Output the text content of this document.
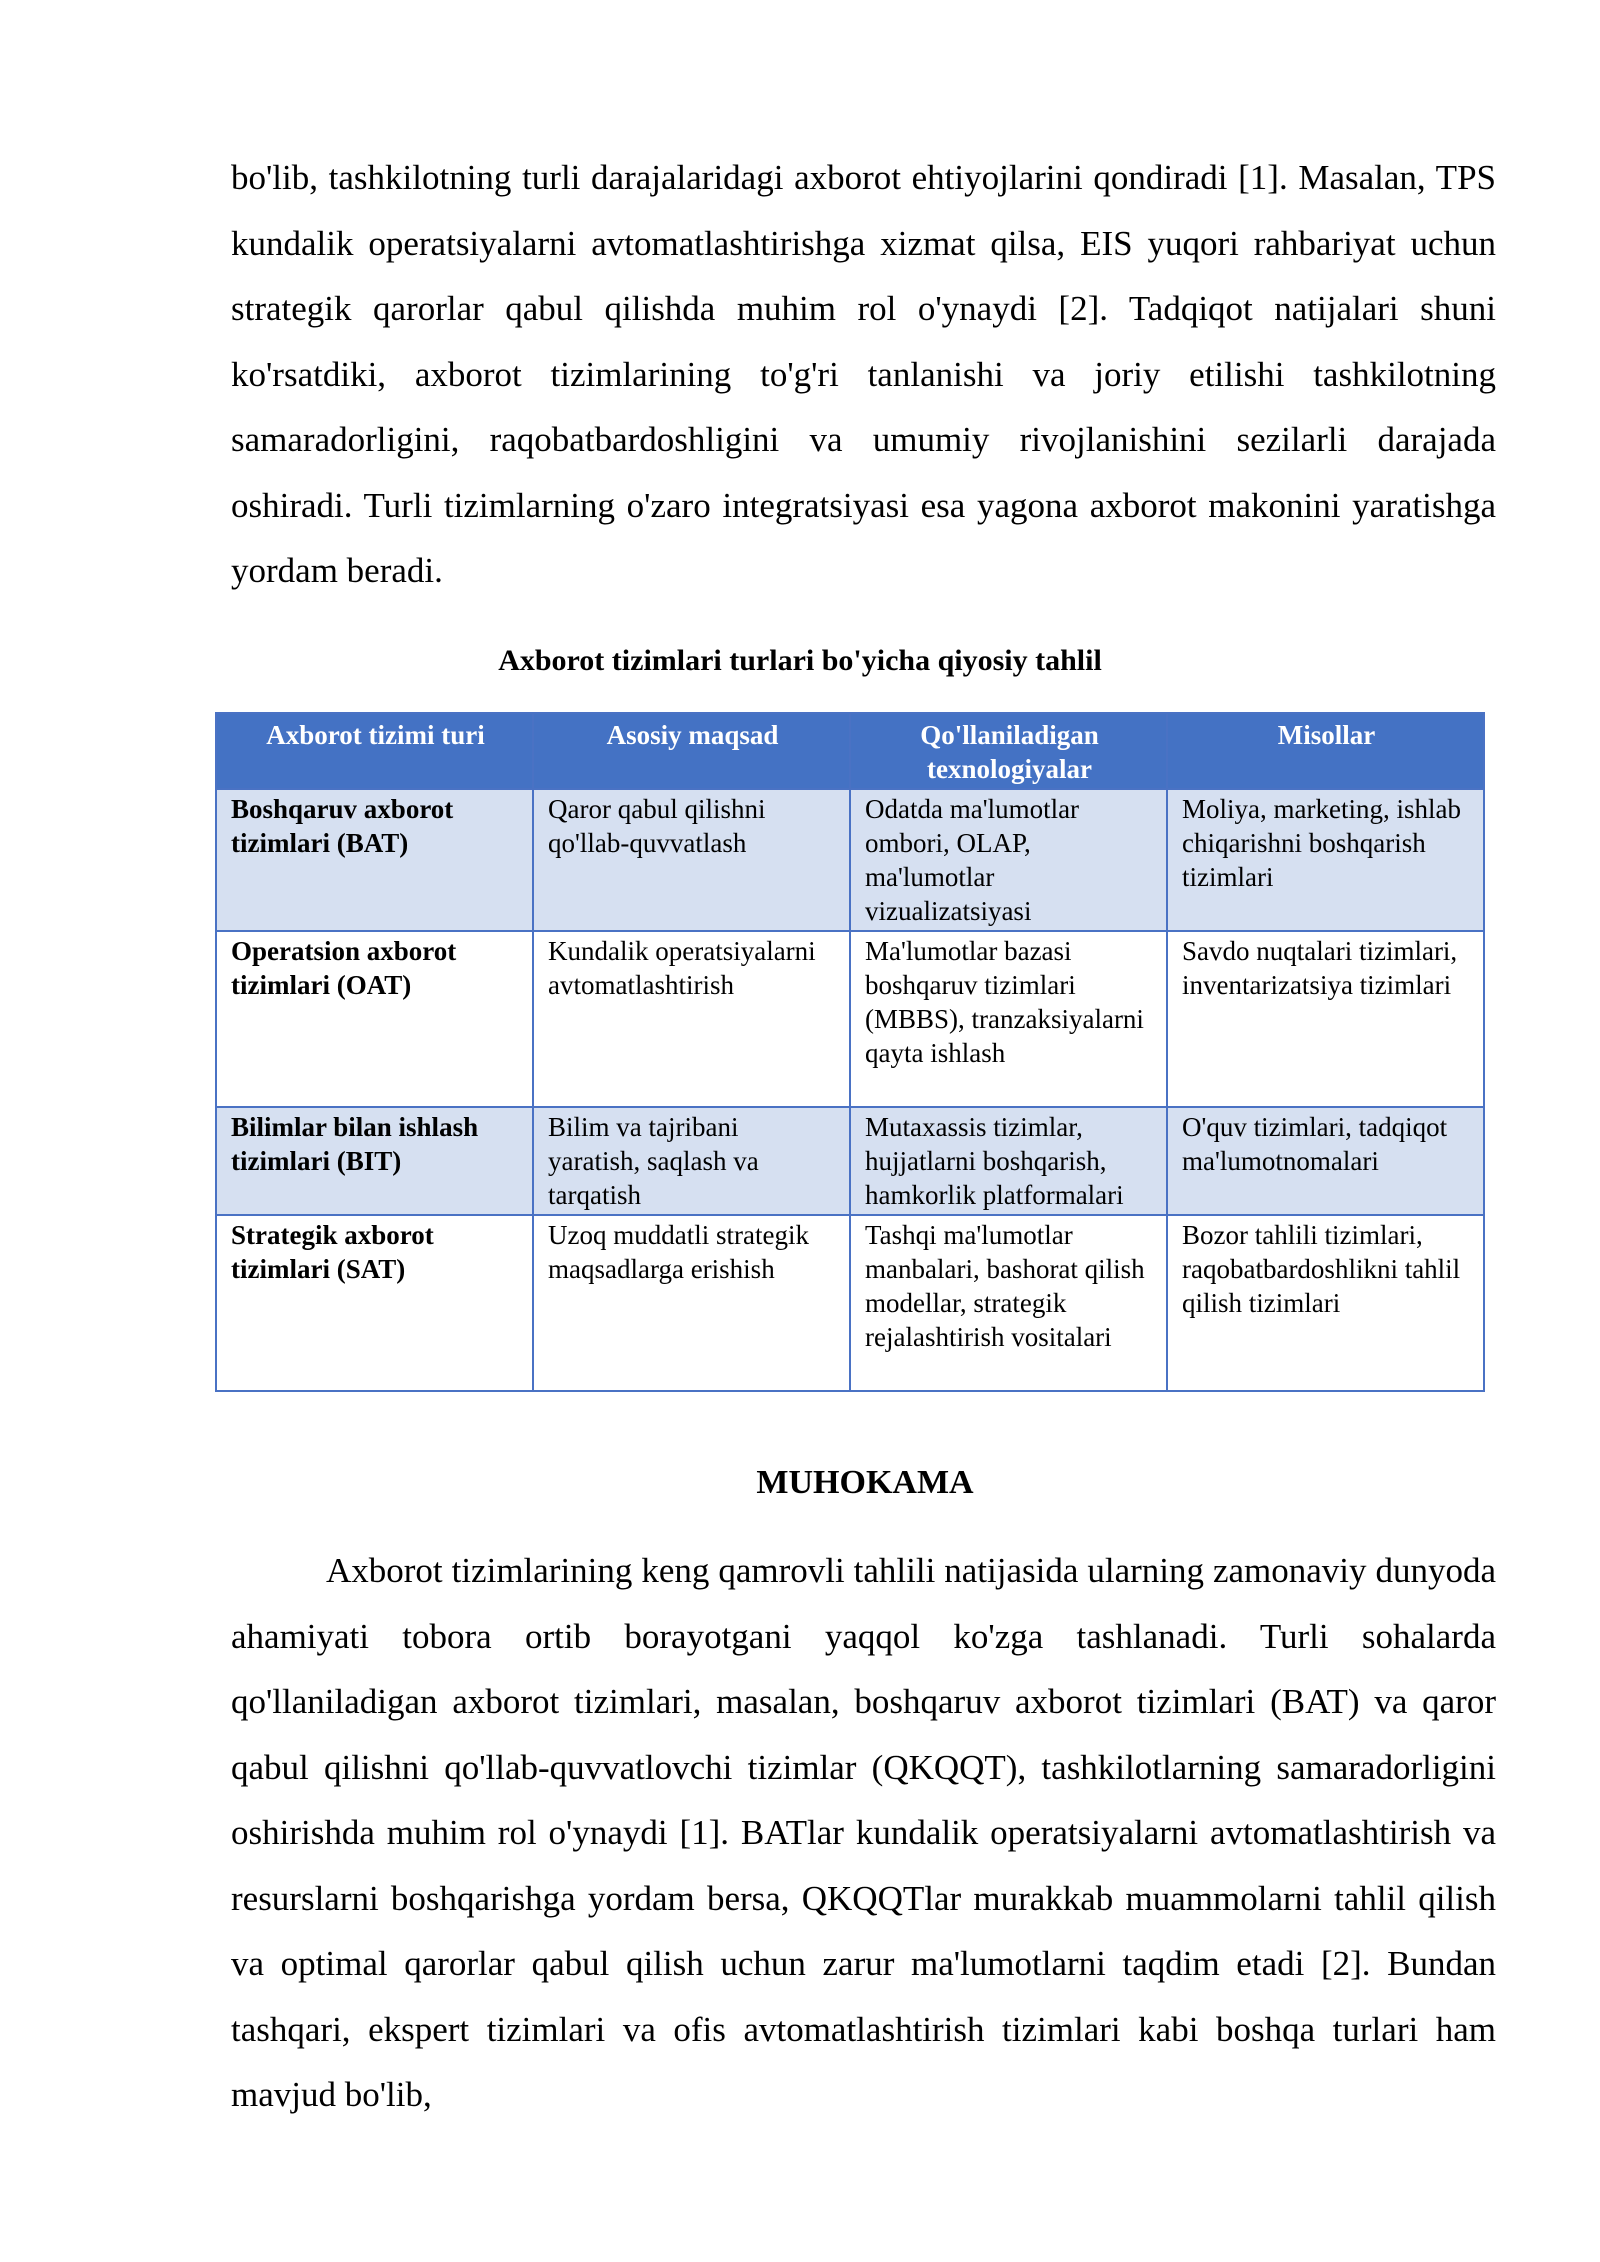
bo'lib, tashkilotning turli darajalaridagi axborot ehtiyojlarini qondiradi [1]. Masalan, TPS kundalik operatsiyalarni avtomatlashtirishga xizmat qilsa, EIS yuqori rahbariyat uchun strategik qarorlar qabul qilishda muhim rol o'ynaydi [2]. Tadqiqot natijalari shuni ko'rsatdiki, axborot tizimlarining to'g'ri tanlanishi va joriy etilishi tashkilotning samaradorligini, raqobatbardoshligini va umumiy rivojlanishini sezilarli darajada oshiradi. Turli tizimlarning o'zaro integratsiyasi esa yagona axborot makonini yaratishga yordam beradi.

Axborot tizimlari turlari bo'yicha qiyosiy tahlil

Axborot tizimi turi	Asosiy maqsad	Qo'llaniladigan texnologiyalar	Misollar
Boshqaruv axborot tizimlari (BAT)	Qaror qabul qilishni qo'llab-quvvatlash	Odatda ma'lumotlar ombori, OLAP, ma'lumotlar vizualizatsiyasi	Moliya, marketing, ishlab chiqarishni boshqarish tizimlari
Operatsion axborot tizimlari (OAT)	Kundalik operatsiyalarni avtomatlashtirish	Ma'lumotlar bazasi boshqaruv tizimlari (MBBS), tranzaksiyalarni qayta ishlash	Savdo nuqtalari tizimlari, inventarizatsiya tizimlari
Bilimlar bilan ishlash tizimlari (BIT)	Bilim va tajribani yaratish, saqlash va tarqatish	Mutaxassis tizimlar, hujjatlarni boshqarish, hamkorlik platformalari	O'quv tizimlari, tadqiqot ma'lumotnomalari
Strategik axborot tizimlari (SAT)	Uzoq muddatli strategik maqsadlarga erishish	Tashqi ma'lumotlar manbalari, bashorat qilish modellar, strategik rejalashtirish vositalari	Bozor tahlili tizimlari, raqobatbardoshlikni tahlil qilish tizimlari
MUHOKAMA

Axborot tizimlarining keng qamrovli tahlili natijasida ularning zamonaviy dunyoda ahamiyati tobora ortib borayotgani yaqqol ko'zga tashlanadi. Turli sohalarda qo'llaniladigan axborot tizimlari, masalan, boshqaruv axborot tizimlari (BAT) va qaror qabul qilishni qo'llab-quvvatlovchi tizimlar (QKQQT), tashkilotlarning samaradorligini oshirishda muhim rol o'ynaydi [1]. BATlar kundalik operatsiyalarni avtomatlashtirish va resurslarni boshqarishga yordam bersa, QKQQTlar murakkab muammolarni tahlil qilish va optimal qarorlar qabul qilish uchun zarur ma'lumotlarni taqdim etadi [2]. Bundan tashqari, ekspert tizimlari va ofis avtomatlashtirish tizimlari kabi boshqa turlari ham mavjud bo'lib,
